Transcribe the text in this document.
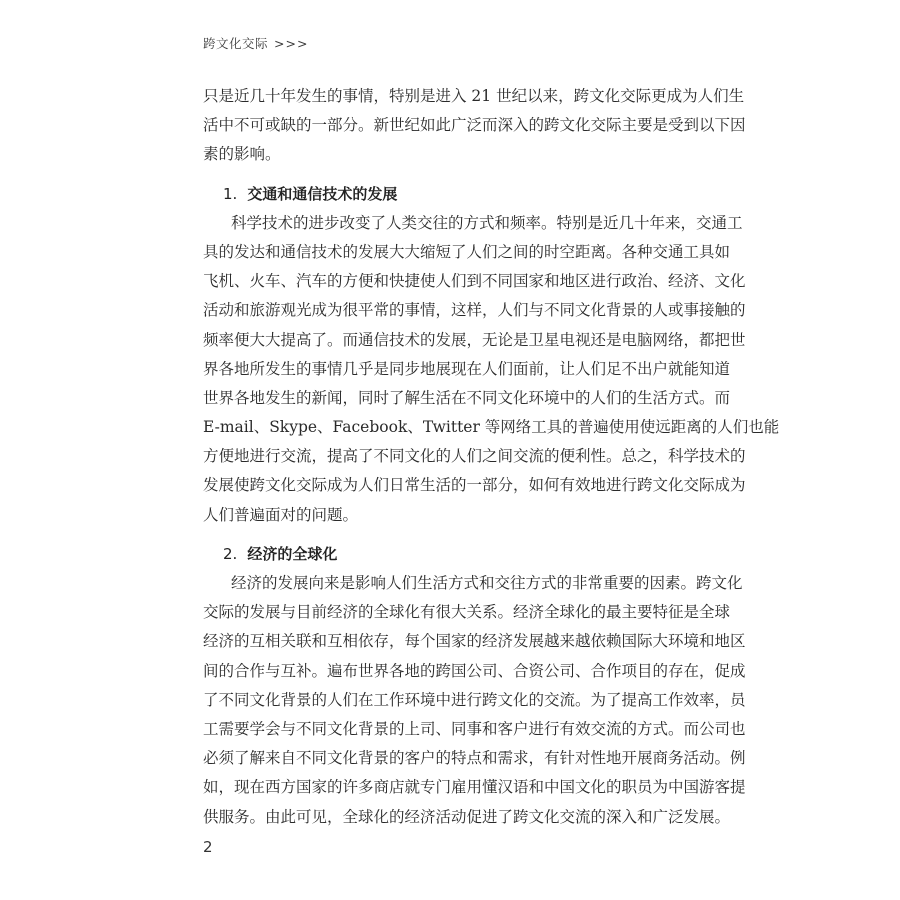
跨文化交际 >>>
只是近几十年发生的事情，特别是进入 21 世纪以来，跨文化交际更成为人们生
活中不可或缺的一部分。新世纪如此广泛而深入的跨文化交际主要是受到以下因
素的影响。
1. 交通和通信技术的发展
科学技术的进步改变了人类交往的方式和频率。特别是近几十年来，交通工
具的发达和通信技术的发展大大缩短了人们之间的时空距离。各种交通工具如
飞机、火车、汽车的方便和快捷使人们到不同国家和地区进行政治、经济、文化
活动和旅游观光成为很平常的事情，这样，人们与不同文化背景的人或事接触的
频率便大大提高了。而通信技术的发展，无论是卫星电视还是电脑网络，都把世
界各地所发生的事情几乎是同步地展现在人们面前，让人们足不出户就能知道
世界各地发生的新闻，同时了解生活在不同文化环境中的人们的生活方式。而
E-mail、Skype、Facebook、Twitter 等网络工具的普遍使用使远距离的人们也能
方便地进行交流，提高了不同文化的人们之间交流的便利性。总之，科学技术的
发展使跨文化交际成为人们日常生活的一部分，如何有效地进行跨文化交际成为
人们普遍面对的问题。
2. 经济的全球化
经济的发展向来是影响人们生活方式和交往方式的非常重要的因素。跨文化
交际的发展与目前经济的全球化有很大关系。经济全球化的最主要特征是全球
经济的互相关联和互相依存，每个国家的经济发展越来越依赖国际大环境和地区
间的合作与互补。遍布世界各地的跨国公司、合资公司、合作项目的存在，促成
了不同文化背景的人们在工作环境中进行跨文化的交流。为了提高工作效率，员
工需要学会与不同文化背景的上司、同事和客户进行有效交流的方式。而公司也
必须了解来自不同文化背景的客户的特点和需求，有针对性地开展商务活动。例
如，现在西方国家的许多商店就专门雇用懂汉语和中国文化的职员为中国游客提
供服务。由此可见，全球化的经济活动促进了跨文化交流的深入和广泛发展。
2
